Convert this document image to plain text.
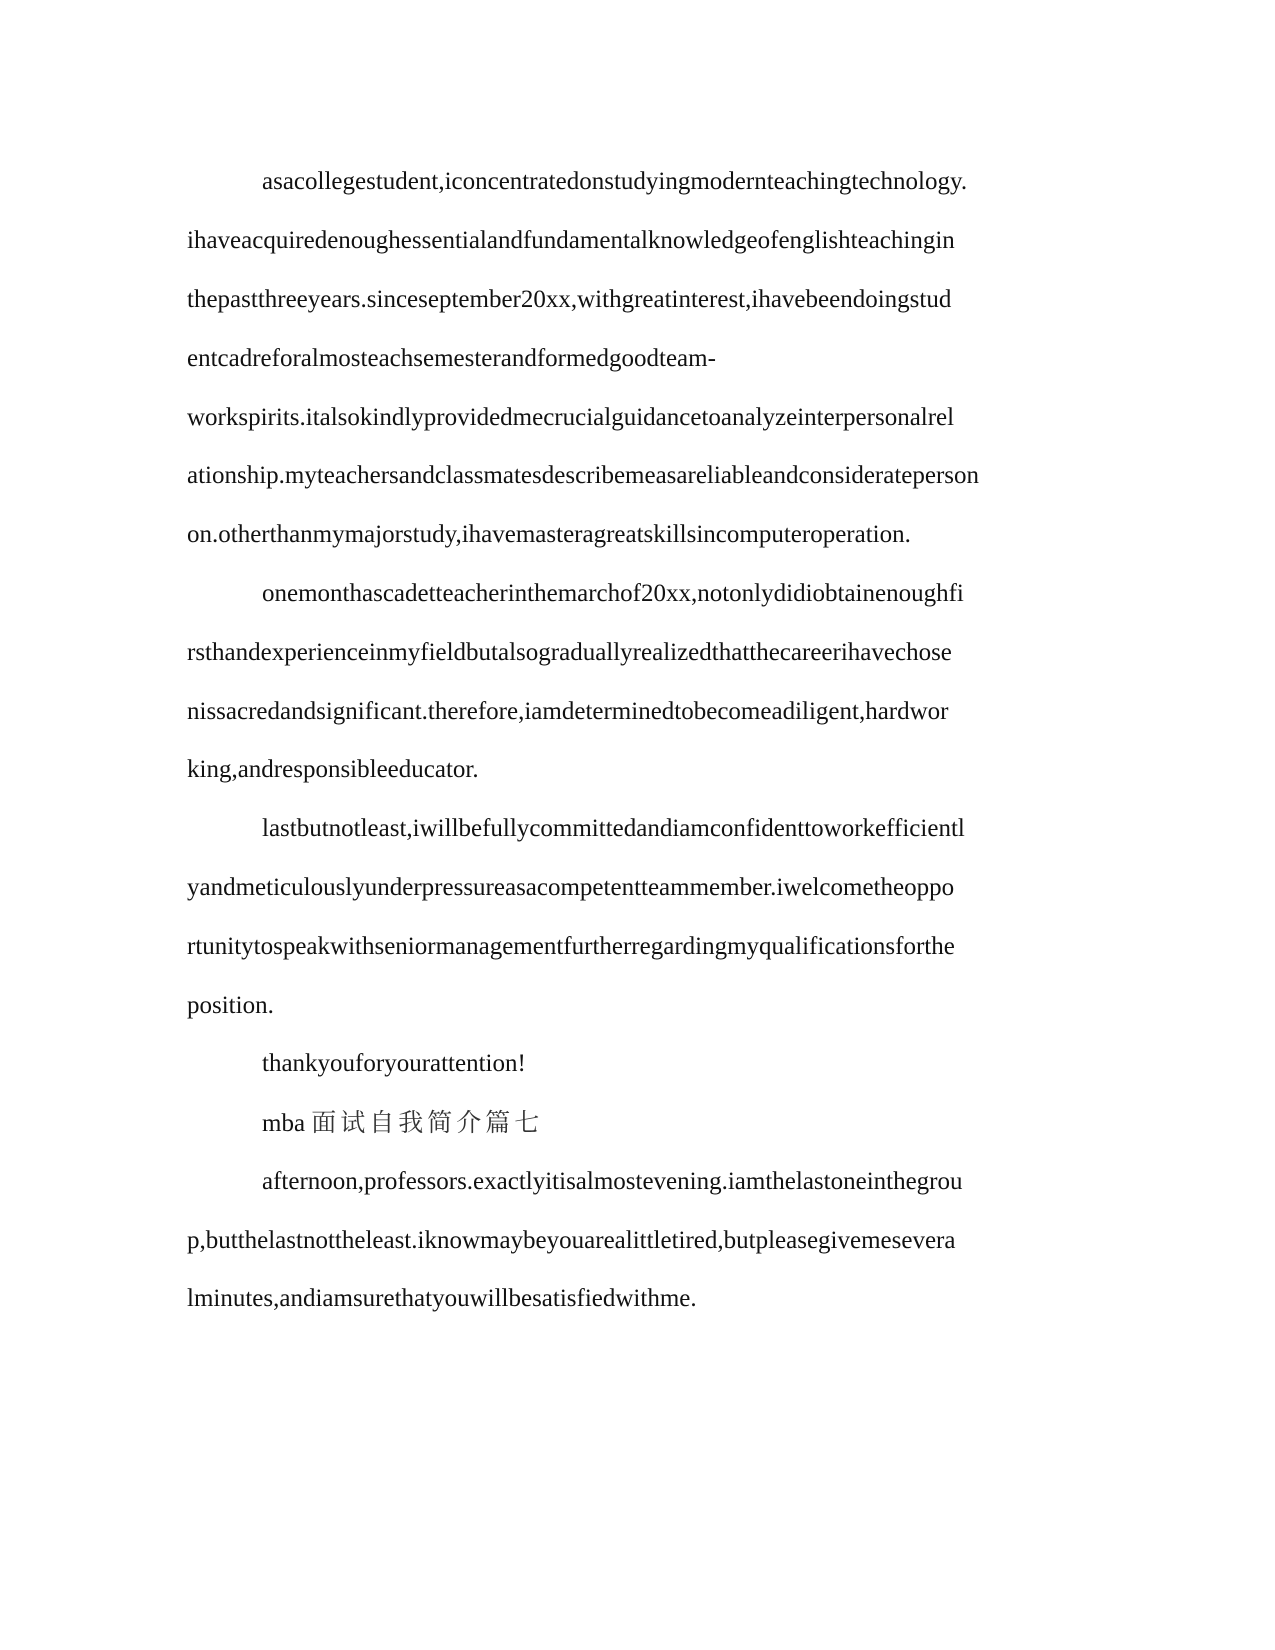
asacollegestudent,iconcentratedonstudyingmodernteachingtechnology.
ihaveacquiredenoughessentialandfundamentalknowledgeofenglishteachingin
thepastthreeyears.sinceseptember20xx,withgreatinterest,ihavebeendoingstud
entcadreforalmosteachsemesterandformedgoodteam-
workspirits.italsokindlyprovidedmecrucialguidancetoanalyzeinterpersonalrel
ationship.myteachersandclassmatesdescribemeasareliableandconsiderateperson
on.otherthanmymajorstudy,ihavemasteragreatskillsincomputeroperation.
onemonthascadetteacherinthemarchof20xx,notonlydidiobtainenoughfi
rsthandexperienceinmyfieldbutalsograduallyrealizedthatthecareerihavechose
nissacredandsignificant.therefore,iamdeterminedtobecomeadiligent,hardwor
king,andresponsibleeducator.
lastbutnotleast,iwillbefullycommittedandiamconfidenttoworkefficientl
yandmeticulouslyunderpressureasacompetentteammember.iwelcometheoppo
rtunitytospeakwithseniormanagementfurtherregardingmyqualificationsforthe
position.
thankyouforyourattention!
mba 面试自我简介篇七
afternoon,professors.exactlyitisalmostevening.iamthelastoneinthegrou
p,butthelastnottheleast.iknowmaybeyouarealittletired,butpleasegivemesevera
lminutes,andiamsurethatyouwillbesatisfiedwithme.
